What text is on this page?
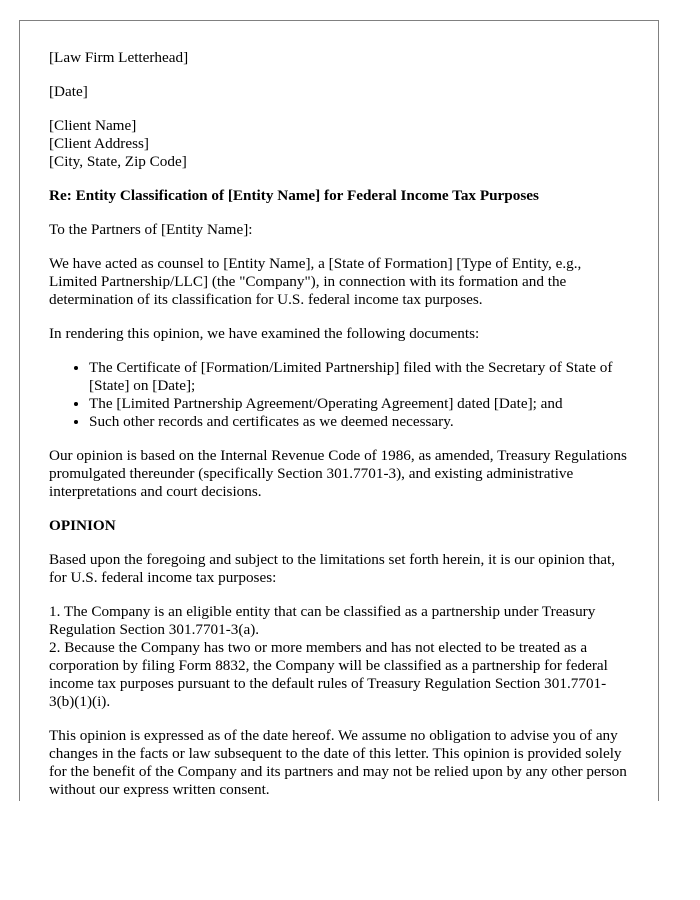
[Law Firm Letterhead]

[Date]

[Client Name]
[Client Address]
[City, State, Zip Code]

Re: Entity Classification of [Entity Name] for Federal Income Tax Purposes

To the Partners of [Entity Name]:

We have acted as counsel to [Entity Name], a [State of Formation] [Type of Entity, e.g., Limited Partnership/LLC] (the "Company"), in connection with its formation and the determination of its classification for U.S. federal income tax purposes.

In rendering this opinion, we have examined the following documents:

• The Certificate of [Formation/Limited Partnership] filed with the Secretary of State of [State] on [Date];
• The [Limited Partnership Agreement/Operating Agreement] dated [Date]; and
• Such other records and certificates as we deemed necessary.

Our opinion is based on the Internal Revenue Code of 1986, as amended, Treasury Regulations promulgated thereunder (specifically Section 301.7701-3), and existing administrative interpretations and court decisions.

OPINION

Based upon the foregoing and subject to the limitations set forth herein, it is our opinion that, for U.S. federal income tax purposes:

1. The Company is an eligible entity that can be classified as a partnership under Treasury Regulation Section 301.7701-3(a).
2. Because the Company has two or more members and has not elected to be treated as a corporation by filing Form 8832, the Company will be classified as a partnership for federal income tax purposes pursuant to the default rules of Treasury Regulation Section 301.7701-3(b)(1)(i).

This opinion is expressed as of the date hereof. We assume no obligation to advise you of any changes in the facts or law subsequent to the date of this letter. This opinion is provided solely for the benefit of the Company and its partners and may not be relied upon by any other person without our express written consent.
